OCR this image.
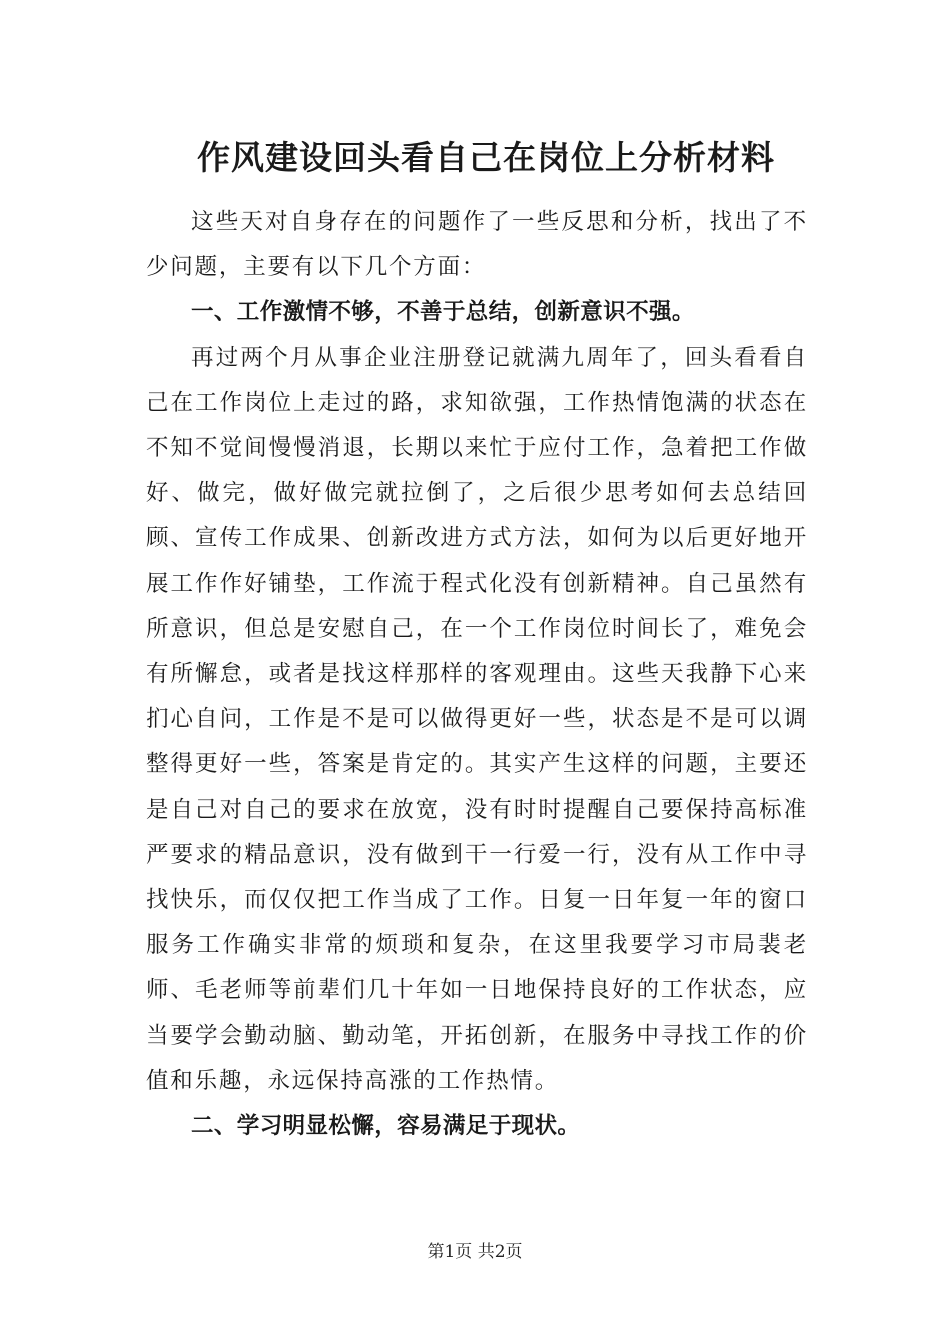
作风建设回头看自己在岗位上分析材料

这些天对自身存在的问题作了一些反思和分析，找出了不少问题，主要有以下几个方面：

一、工作激情不够，不善于总结，创新意识不强。

再过两个月从事企业注册登记就满九周年了，回头看看自己在工作岗位上走过的路，求知欲强，工作热情饱满的状态在不知不觉间慢慢消退，长期以来忙于应付工作，急着把工作做好、做完，做好做完就拉倒了，之后很少思考如何去总结回顾、宣传工作成果、创新改进方式方法，如何为以后更好地开展工作作好铺垫，工作流于程式化没有创新精神。自己虽然有所意识，但总是安慰自己，在一个工作岗位时间长了，难免会有所懈怠，或者是找这样那样的客观理由。这些天我静下心来扪心自问，工作是不是可以做得更好一些，状态是不是可以调整得更好一些，答案是肯定的。其实产生这样的问题，主要还是自己对自己的要求在放宽，没有时时提醒自己要保持高标准严要求的精品意识，没有做到干一行爱一行，没有从工作中寻找快乐，而仅仅把工作当成了工作。日复一日年复一年的窗口服务工作确实非常的烦琐和复杂，在这里我要学习市局裴老师、毛老师等前辈们几十年如一日地保持良好的工作状态，应当要学会勤动脑、勤动笔，开拓创新，在服务中寻找工作的价值和乐趣，永远保持高涨的工作热情。

二、学习明显松懈，容易满足于现状。

第1页 共2页
